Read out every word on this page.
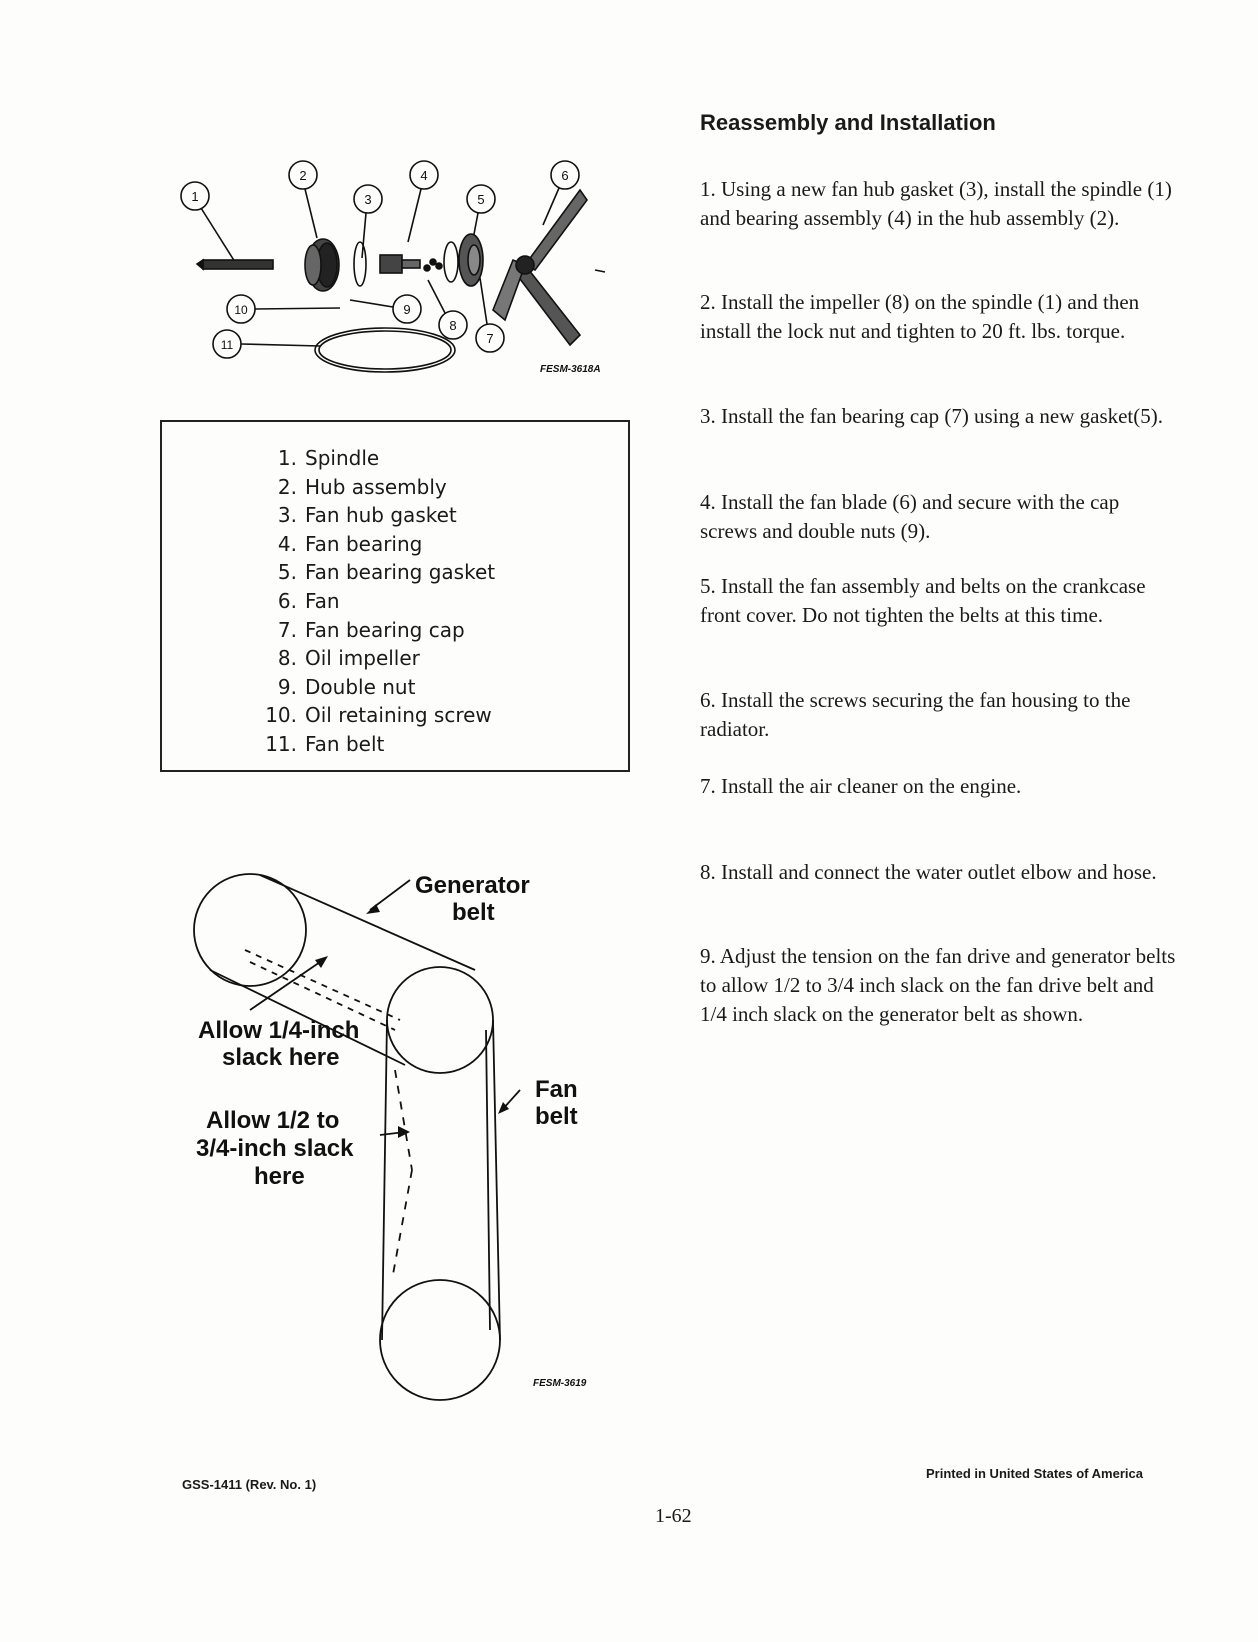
1
2
3
4
5
6
7
8
9
10
11
FESM-3618A
1. Spindle
2. Hub assembly
3. Fan hub gasket
4. Fan bearing
5. Fan bearing gasket
6. Fan
7. Fan bearing cap
8. Oil impeller
9. Double nut
10. Oil retaining screw
11. Fan belt
Generator
belt
Allow 1/4-inch
slack here
Fan
belt
Allow 1/2 to
3/4-inch slack
here
FESM-3619
Reassembly and Installation
1. Using a new fan hub gasket (3), install the spindle (1) and bearing assembly (4) in the hub assembly (2).
2. Install the impeller (8) on the spindle (1) and then install the lock nut and tighten to 20 ft. lbs. torque.
3. Install the fan bearing cap (7) using a new gasket(5).
4. Install the fan blade (6) and secure with the cap screws and double nuts (9).
5. Install the fan assembly and belts on the crankcase front cover. Do not tighten the belts at this time.
6. Install the screws securing the fan housing to the radiator.
7. Install the air cleaner on the engine.
8. Install and connect the water outlet elbow and hose.
9. Adjust the tension on the fan drive and generator belts to allow 1/2 to 3/4 inch slack on the fan drive belt and 1/4 inch slack on the generator belt as shown.
GSS-1411 (Rev. No. 1)
Printed in United States of America
1-62
